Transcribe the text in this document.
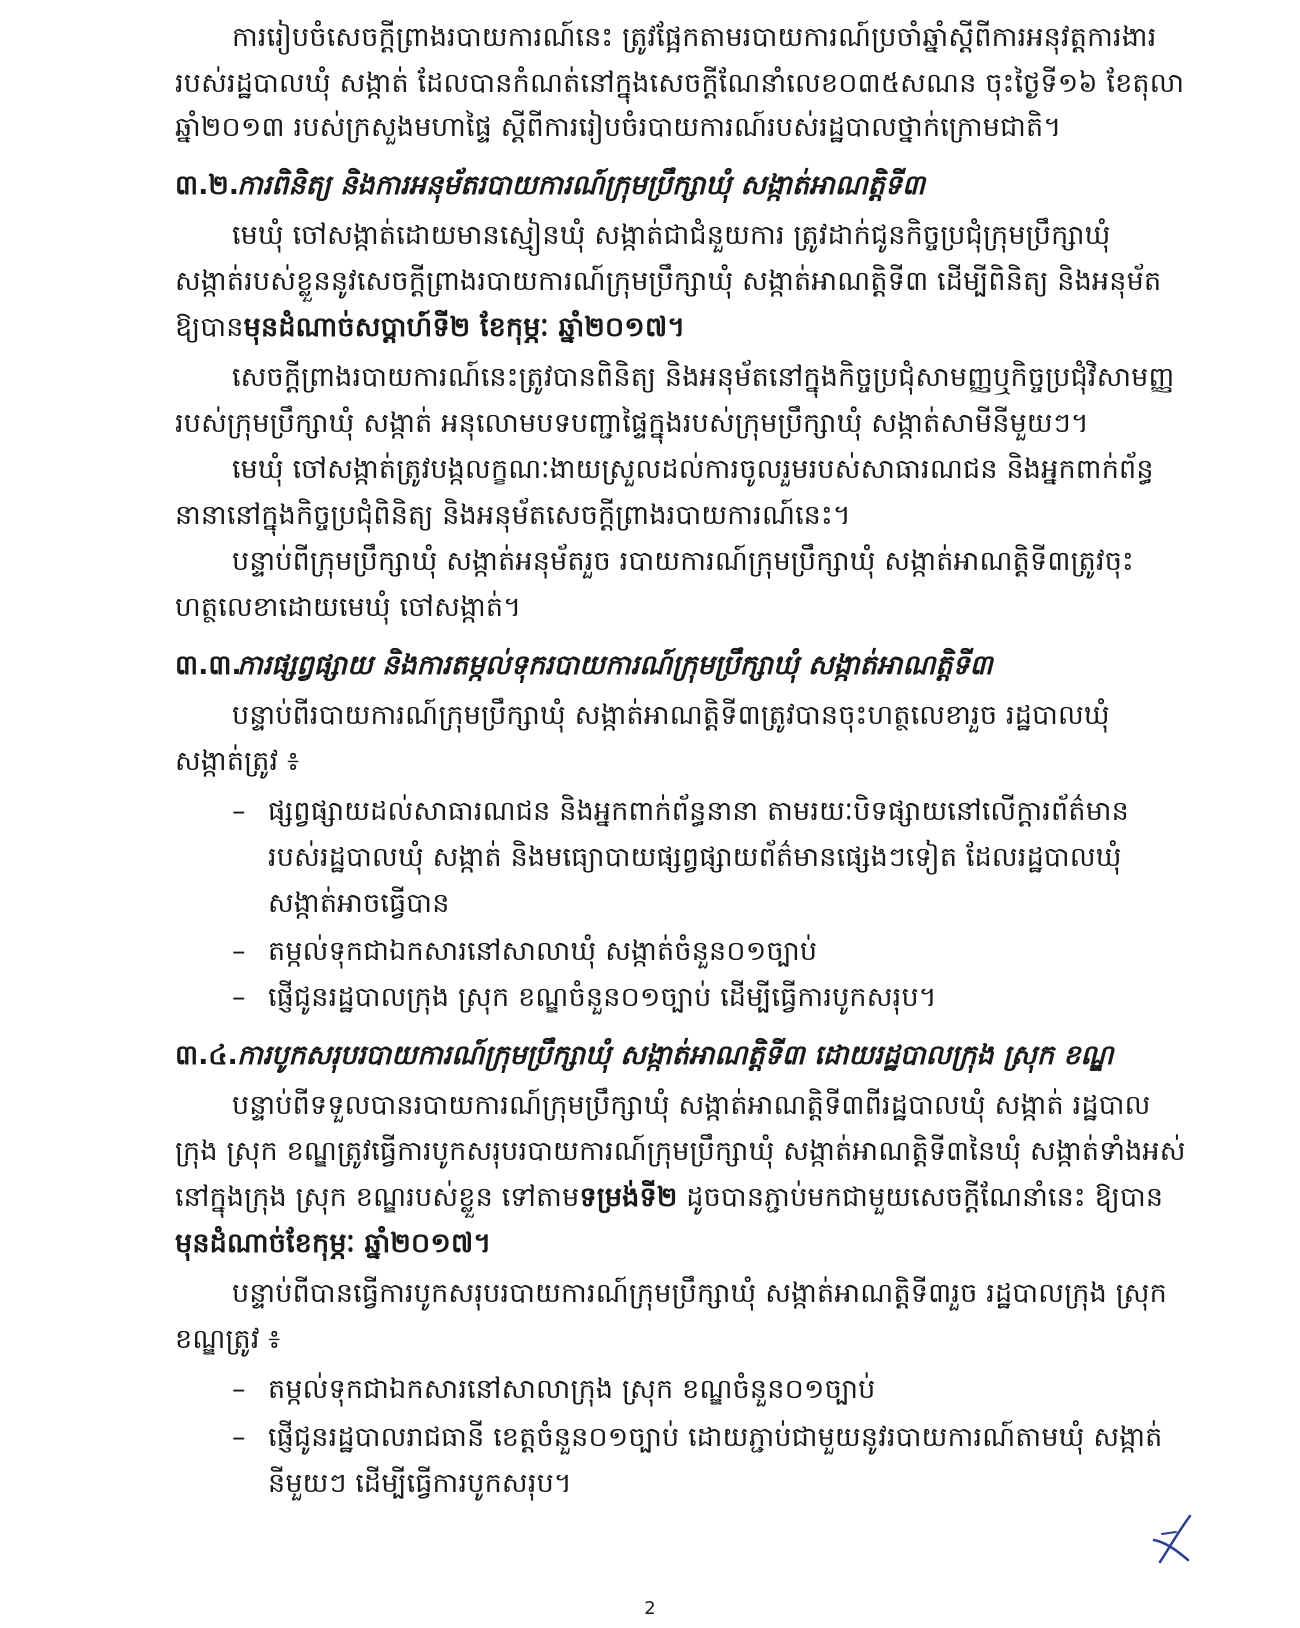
ការរៀបចំសេចក្តីព្រាងរបាយការណ៍នេះ ត្រូវផ្អែកតាមរបាយការណ៍ប្រចាំឆ្នាំស្តីពីការអនុវត្តការងារ
របស់រដ្ឋបាលឃុំ សង្កាត់ ដែលបានកំណត់នៅក្នុងសេចក្តីណែនាំលេខ០៣៥សណន ចុះថ្ងៃទី១៦ ខែតុលា
ឆ្នាំ២០១៣ របស់ក្រសួងមហាផ្ទៃ ស្តីពីការរៀបចំរបាយការណ៍របស់រដ្ឋបាលថ្នាក់ក្រោមជាតិ។
៣.២.ការពិនិត្យ និងការអនុម័តរបាយការណ៍ក្រុមប្រឹក្សាឃុំ សង្កាត់អាណត្តិទី៣
មេឃុំ ចៅសង្កាត់ដោយមានស្មៀនឃុំ សង្កាត់ជាជំនួយការ ត្រូវដាក់ជូនកិច្ចប្រជុំក្រុមប្រឹក្សាឃុំ
សង្កាត់របស់ខ្លួននូវសេចក្តីព្រាងរបាយការណ៍ក្រុមប្រឹក្សាឃុំ សង្កាត់អាណត្តិទី៣ ដើម្បីពិនិត្យ និងអនុម័ត
ឱ្យបានមុនដំណាច់សប្តាហ៍ទី២ ខែកុម្ភៈ ឆ្នាំ២០១៧។
សេចក្តីព្រាងរបាយការណ៍នេះត្រូវបានពិនិត្យ និងអនុម័តនៅក្នុងកិច្ចប្រជុំសាមញ្ញឬកិច្ចប្រជុំវិសាមញ្ញ
របស់ក្រុមប្រឹក្សាឃុំ សង្កាត់ អនុលោមបទបញ្ជាផ្ទៃក្នុងរបស់ក្រុមប្រឹក្សាឃុំ សង្កាត់សាមីនីមួយៗ។
មេឃុំ ចៅសង្កាត់ត្រូវបង្កលក្ខណៈងាយស្រួលដល់ការចូលរួមរបស់សាធារណជន និងអ្នកពាក់ព័ន្ធ
នានានៅក្នុងកិច្ចប្រជុំពិនិត្យ និងអនុម័តសេចក្តីព្រាងរបាយការណ៍នេះ។
បន្ទាប់ពីក្រុមប្រឹក្សាឃុំ សង្កាត់អនុម័តរួច របាយការណ៍ក្រុមប្រឹក្សាឃុំ សង្កាត់អាណត្តិទី៣ត្រូវចុះ
ហត្ថលេខាដោយមេឃុំ ចៅសង្កាត់។
៣.៣.ការផ្សព្វផ្សាយ និងការតម្កល់ទុករបាយការណ៍ក្រុមប្រឹក្សាឃុំ សង្កាត់អាណត្តិទី៣
បន្ទាប់ពីរបាយការណ៍ក្រុមប្រឹក្សាឃុំ សង្កាត់អាណត្តិទី៣ត្រូវបានចុះហត្ថលេខារួច រដ្ឋបាលឃុំ
សង្កាត់ត្រូវ ៖
– ផ្សព្វផ្សាយដល់សាធារណជន និងអ្នកពាក់ព័ន្ធនានា តាមរយៈបិទផ្សាយនៅលើក្តារព័ត៌មាន
របស់រដ្ឋបាលឃុំ សង្កាត់ និងមធ្យោបាយផ្សព្វផ្សាយព័ត៌មានផ្សេងៗទៀត ដែលរដ្ឋបាលឃុំ
សង្កាត់អាចធ្វើបាន
– តម្កល់ទុកជាឯកសារនៅសាលាឃុំ សង្កាត់ចំនួន០១ច្បាប់
– ផ្ញើជូនរដ្ឋបាលក្រុង ស្រុក ខណ្ឌចំនួន០១ច្បាប់ ដើម្បីធ្វើការបូកសរុប។
៣.៤.ការបូកសរុបរបាយការណ៍ក្រុមប្រឹក្សាឃុំ សង្កាត់អាណត្តិទី៣ ដោយរដ្ឋបាលក្រុង ស្រុក ខណ្ឌ
បន្ទាប់ពីទទួលបានរបាយការណ៍ក្រុមប្រឹក្សាឃុំ សង្កាត់អាណត្តិទី៣ពីរដ្ឋបាលឃុំ សង្កាត់ រដ្ឋបាល
ក្រុង ស្រុក ខណ្ឌត្រូវធ្វើការបូកសរុបរបាយការណ៍ក្រុមប្រឹក្សាឃុំ សង្កាត់អាណត្តិទី៣នៃឃុំ សង្កាត់ទាំងអស់
នៅក្នុងក្រុង ស្រុក ខណ្ឌរបស់ខ្លួន ទៅតាមទម្រង់ទី២ ដូចបានភ្ជាប់មកជាមួយសេចក្តីណែនាំនេះ ឱ្យបាន
មុនដំណាច់ខែកុម្ភៈ ឆ្នាំ២០១៧។
បន្ទាប់ពីបានធ្វើការបូកសរុបរបាយការណ៍ក្រុមប្រឹក្សាឃុំ សង្កាត់អាណត្តិទី៣រួច រដ្ឋបាលក្រុង ស្រុក
ខណ្ឌត្រូវ ៖
– តម្កល់ទុកជាឯកសារនៅសាលាក្រុង ស្រុក ខណ្ឌចំនួន០១ច្បាប់
– ផ្ញើជូនរដ្ឋបាលរាជធានី ខេត្តចំនួន០១ច្បាប់ ដោយភ្ជាប់ជាមួយនូវរបាយការណ៍តាមឃុំ សង្កាត់
នីមួយៗ ដើម្បីធ្វើការបូកសរុប។
2
